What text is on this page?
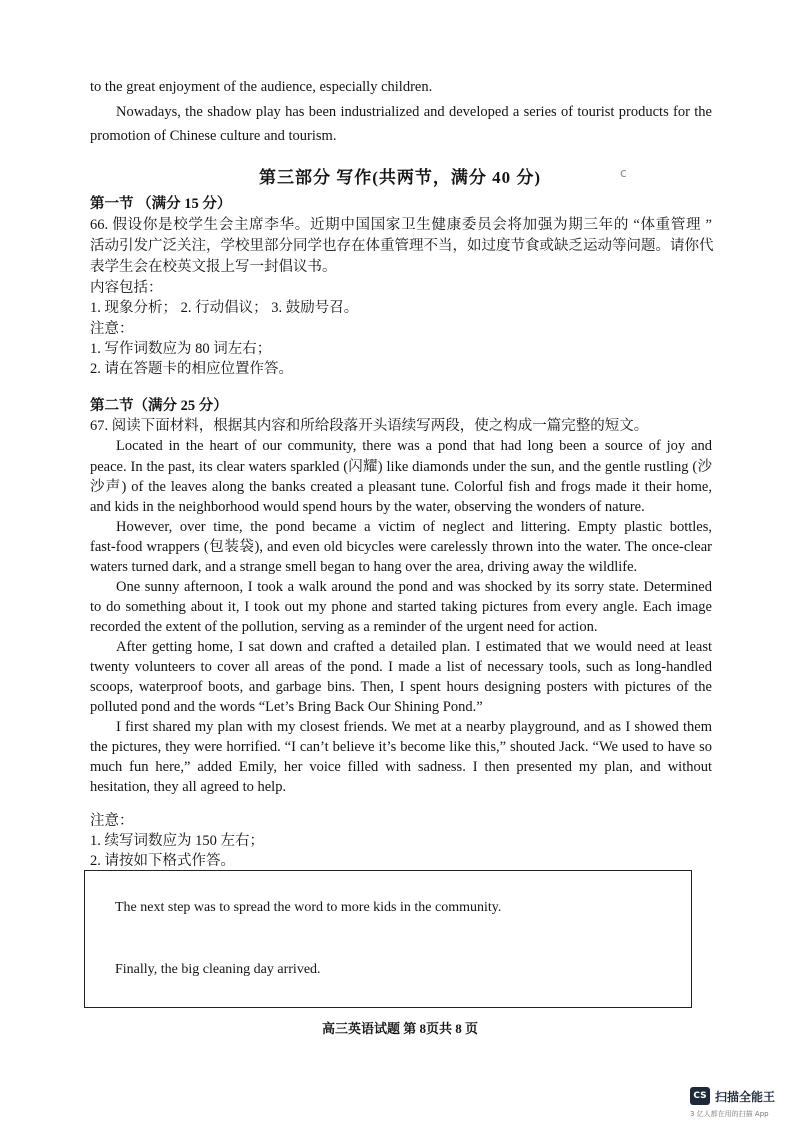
to the great enjoyment of the audience, especially children.
Nowadays, the shadow play has been industrialized and developed a series of tourist products for the
promotion of Chinese culture and tourism.
第三部分 写作(共两节，满分 40 分)	c
第一节 （满分 15 分）
66. 假设你是校学生会主席李华。近期中国国家卫生健康委员会将加强为期三年的 “体重管理 ”
活动引发广泛关注，学校里部分同学也存在体重管理不当，如过度节食或缺乏运动等问题。请你代
表学生会在校英文报上写一封倡议书。
内容包括：
1. 现象分析； 2. 行动倡议； 3. 鼓励号召。
注意：
1. 写作词数应为 80 词左右；
2. 请在答题卡的相应位置作答。
第二节（满分 25 分）
67. 阅读下面材料，根据其内容和所给段落开头语续写两段，使之构成一篇完整的短文。
Located in the heart of our community, there was a pond that had long been a source of joy and
peace. In the past, its clear waters sparkled (闪耀) like diamonds under the sun, and the gentle rustling (沙
沙声) of the leaves along the banks created a pleasant tune. Colorful fish and frogs made it their home,
and kids in the neighborhood would spend hours by the water, observing the wonders of nature.
However, over time, the pond became a victim of neglect and littering. Empty plastic bottles,
fast-food wrappers (包装袋), and even old bicycles were carelessly thrown into the water. The once-clear
waters turned dark, and a strange smell began to hang over the area, driving away the wildlife.
One sunny afternoon, I took a walk around the pond and was shocked by its sorry state. Determined
to do something about it, I took out my phone and started taking pictures from every angle. Each image
recorded the extent of the pollution, serving as a reminder of the urgent need for action.
After getting home, I sat down and crafted a detailed plan. I estimated that we would need at least
twenty volunteers to cover all areas of the pond. I made a list of necessary tools, such as long-handled
scoops, waterproof boots, and garbage bins. Then, I spent hours designing posters with pictures of the
polluted pond and the words “Let’s Bring Back Our Shining Pond.”
I first shared my plan with my closest friends. We met at a nearby playground, and as I showed them
the pictures, they were horrified. “I can’t believe it’s become like this,” shouted Jack. “We used to have so
much fun here,” added Emily, her voice filled with sadness. I then presented my plan, and without
hesitation, they all agreed to help.
注意：
1. 续写词数应为 150 左右；
2. 请按如下格式作答。
The next step was to spread the word to more kids in the community.
Finally, the big cleaning day arrived.
高三英语试题 第 8页共 8 页
CS 扫描全能王
3 亿人都在用的扫描 App
